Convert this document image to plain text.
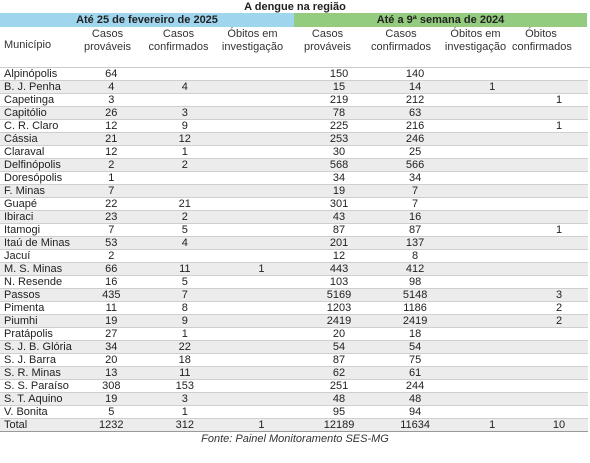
A dengue na região
Até 25 de fevereiro de 2025	Até a 9ª semana de 2024
Município
Casos
prováveis
Casos
confirmados
Óbitos em
investigação
Casos
prováveis
Casos
confirmados
Óbitos em
investigação
Óbitos
confirmados
Alpinópolis	64			150	140		
B. J. Penha	4	4		15	14	1	
Capetinga	3			219	212		1
Capitólio	26	3		78	63		
C. R. Claro	12	9		225	216		1
Cássia	21	12		253	246		
Claraval	12	1		30	25		
Delfinópolis	2	2		568	566		
Doresópolis	1			34	34		
F. Minas	7			19	7		
Guapé	22	21		301	7		
Ibiraci	23	2		43	16		
Itamogi	7	5		87	87		1
Itaú de Minas	53	4		201	137		
Jacuí	2			12	8		
M. S. Minas	66	11	1	443	412		
N. Resende	16	5		103	98		
Passos	435	7		5169	5148		3
Pimenta	11	8		1203	1186		2
Piumhi	19	9		2419	2419		2
Pratápolis	27	1		20	18		
S. J. B. Glória	34	22		54	54		
S. J. Barra	20	18		87	75		
S. R. Minas	13	11		62	61		
S. S. Paraíso	308	153		251	244		
S. T. Aquino	19	3		48	48		
V. Bonita	5	1		95	94		
Total	1232	312	1	12189	11634	1	10
Fonte: Painel Monitoramento SES-MG
